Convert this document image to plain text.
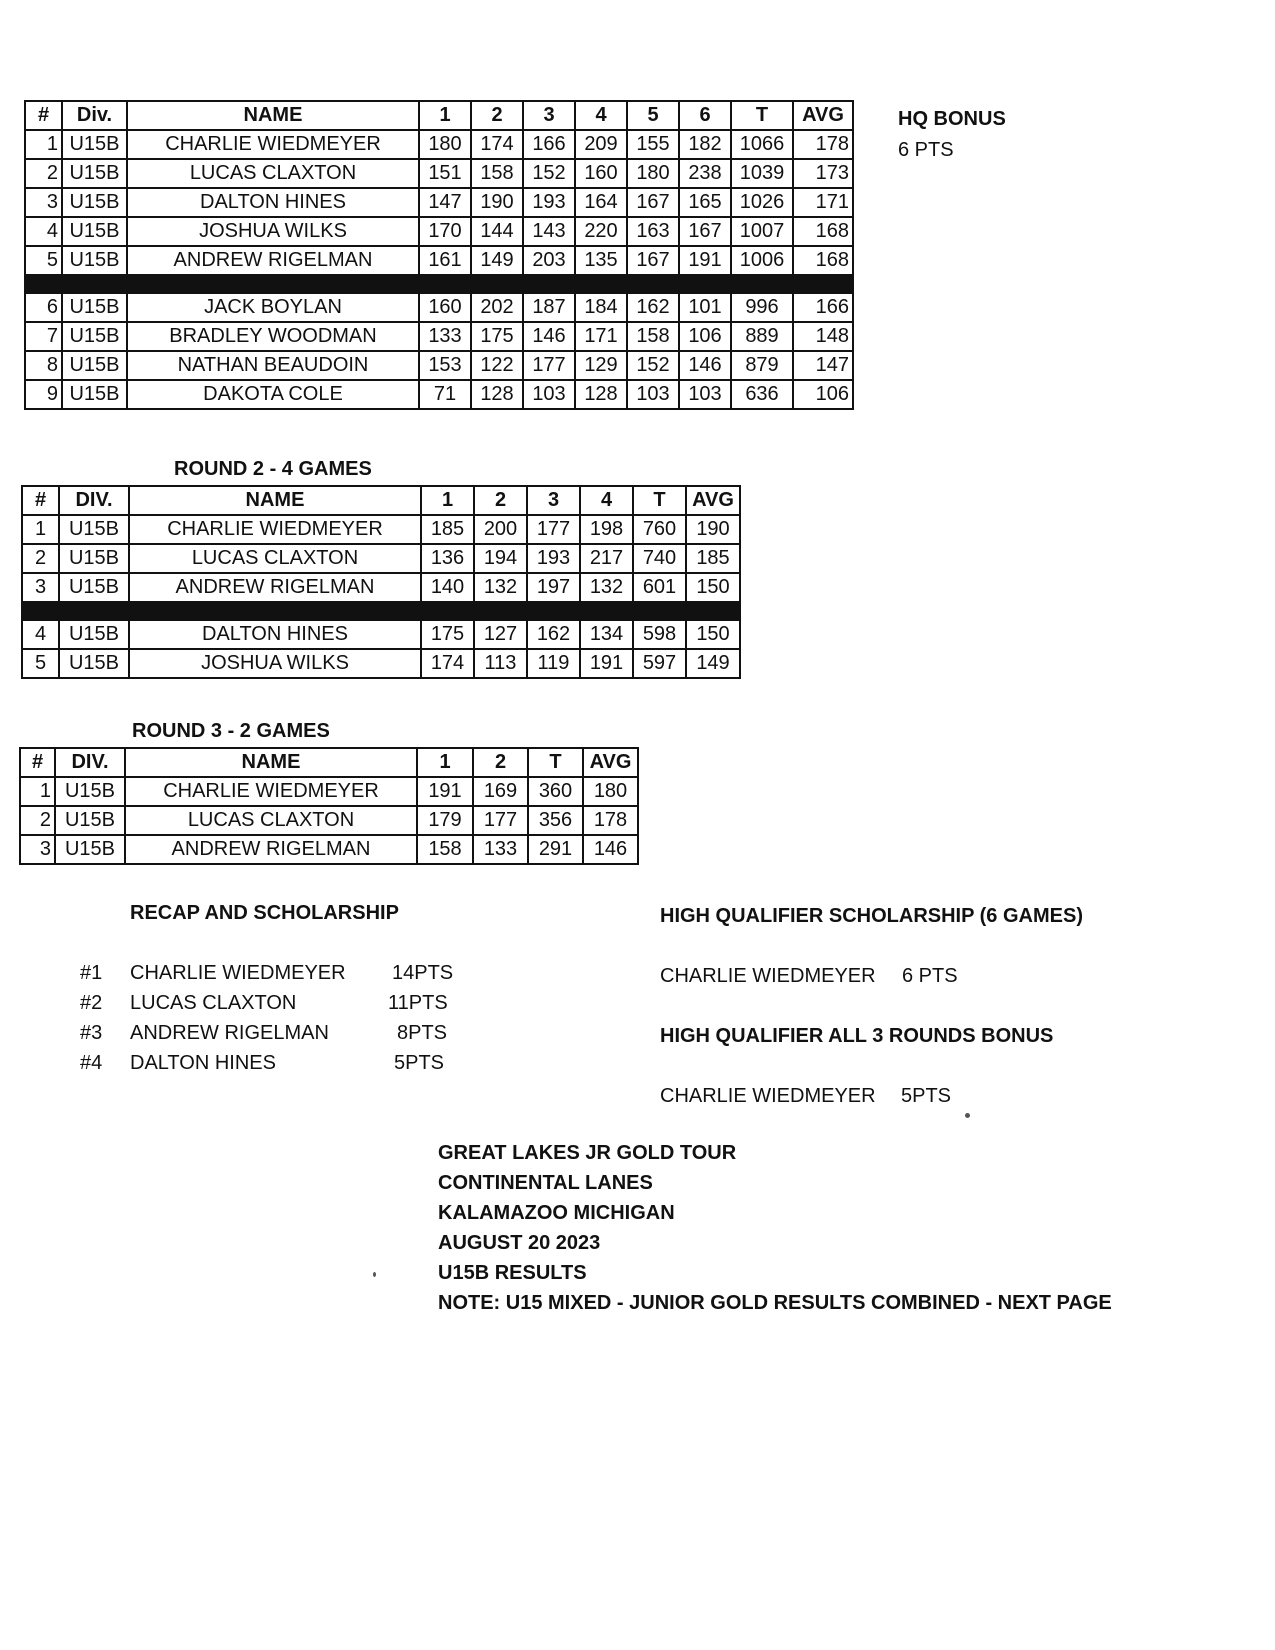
#	Div.	NAME	1	2	3	4	5	6	T	AVG
1	U15B	CHARLIE WIEDMEYER	180	174	166	209	155	182	1066	178
2	U15B	LUCAS CLAXTON	151	158	152	160	180	238	1039	173
3	U15B	DALTON HINES	147	190	193	164	167	165	1026	171
4	U15B	JOSHUA WILKS	170	144	143	220	163	167	1007	168
5	U15B	ANDREW RIGELMAN	161	149	203	135	167	191	1006	168

6	U15B	JACK BOYLAN	160	202	187	184	162	101	996	166
7	U15B	BRADLEY WOODMAN	133	175	146	171	158	106	889	148
8	U15B	NATHAN BEAUDOIN	153	122	177	129	152	146	879	147
9	U15B	DAKOTA COLE	71	128	103	128	103	103	636	106
HQ BONUS
6 PTS
ROUND 2 - 4 GAMES
#	DIV.	NAME	1	2	3	4	T	AVG
1	U15B	CHARLIE WIEDMEYER	185	200	177	198	760	190
2	U15B	LUCAS CLAXTON	136	194	193	217	740	185
3	U15B	ANDREW RIGELMAN	140	132	197	132	601	150

4	U15B	DALTON HINES	175	127	162	134	598	150
5	U15B	JOSHUA WILKS	174	113	119	191	597	149
ROUND 3 - 2 GAMES
#	DIV.	NAME	1	2	T	AVG
1	U15B	CHARLIE WIEDMEYER	191	169	360	180
2	U15B	LUCAS CLAXTON	179	177	356	178
3	U15B	ANDREW RIGELMAN	158	133	291	146
RECAP AND SCHOLARSHIP
#1 CHARLIE WIEDMEYER 14PTS
#2 LUCAS CLAXTON	11PTS
#3 ANDREW RIGELMAN	8PTS
#4 DALTON HINES	5PTS
HIGH QUALIFIER SCHOLARSHIP (6 GAMES)
CHARLIE WIEDMEYER 6 PTS
HIGH QUALIFIER ALL 3 ROUNDS BONUS
CHARLIE WIEDMEYER 5PTS
GREAT LAKES JR GOLD TOUR
CONTINENTAL LANES
KALAMAZOO MICHIGAN
AUGUST 20 2023
U15B RESULTS
NOTE: U15 MIXED - JUNIOR GOLD RESULTS COMBINED - NEXT PAGE
